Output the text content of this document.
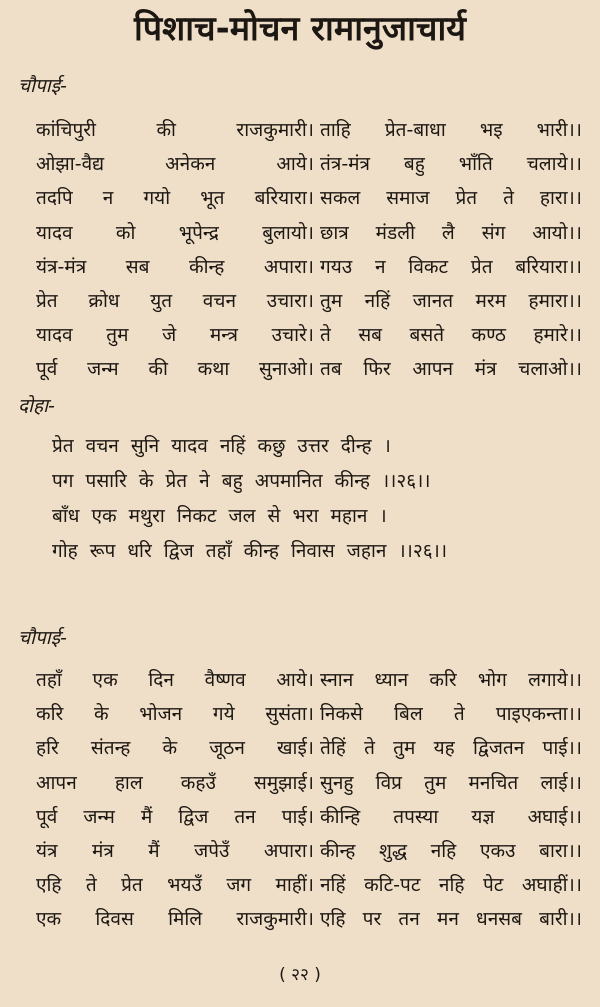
पिशाच-मोचन रामानुजाचार्य
चौपाई-
कांचिपुरी की राजकुमारी। ताहि प्रेत-बाधा भइ भारी।।
ओझा-वैद्य अनेकन आये। तंत्र-मंत्र बहु भाँति चलाये।।
तदपि न गयो भूत बरियारा। सकल समाज प्रेत ते हारा।।
यादव को भूपेन्द्र बुलायो। छात्र मंडली लै संग आयो।।
यंत्र-मंत्र सब कीन्ह अपारा। गयउ न विकट प्रेत बरियारा।।
प्रेत क्रोध युत वचन उचारा। तुम नहिं जानत मरम हमारा।।
यादव तुम जे मन्त्र उचारे। ते सब बसते कण्ठ हमारे।।
पूर्व जन्म की कथा सुनाओ। तब फिर आपन मंत्र चलाओ।।
दोहा-
प्रेत वचन सुनि यादव नहिं कछु उत्तर दीन्ह ।
पग पसारि के प्रेत ने बहु अपमानित कीन्ह ।।२६।।
बाँध एक मथुरा निकट जल से भरा महान ।
गोह रूप धरि द्विज तहाँ कीन्ह निवास जहान ।।२६।।
चौपाई-
तहाँ एक दिन वैष्णव आये। स्नान ध्यान करि भोग लगाये।।
करि के भोजन गये सुसंता। निकसे बिल ते पाइएकन्ता।।
हरि संतन्ह के जूठन खाई। तेहिं ते तुम यह द्विजतन पाई।।
आपन हाल कहउँ समुझाई। सुनहु विप्र तुम मनचित लाई।।
पूर्व जन्म मैं द्विज तन पाई। कीन्हि तपस्या यज्ञ अघाई।।
यंत्र मंत्र मैं जपेउँ अपारा। कीन्ह शुद्ध नहि एकउ बारा।।
एहि ते प्रेत भयउँ जग माहीं। नहिं कटि-पट नहि पेट अघाहीं।।
एक दिवस मिलि राजकुमारी। एहि पर तन मन धनसब बारी।।
( २२ )
